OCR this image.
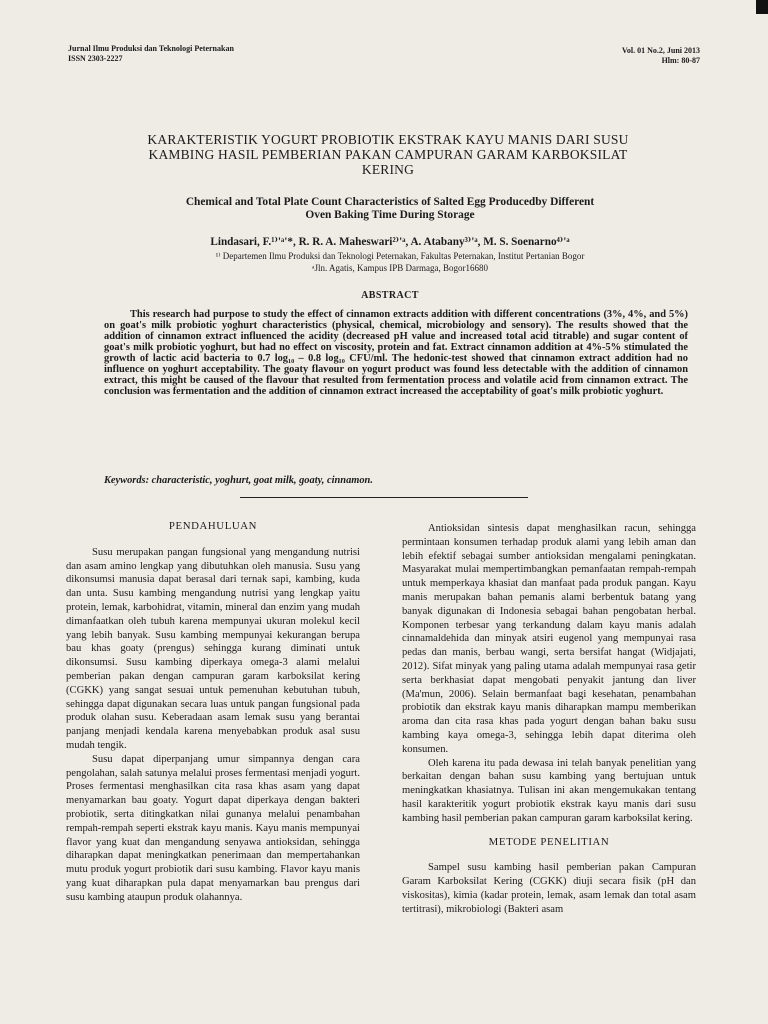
Jurnal Ilmu Produksi dan Teknologi Peternakan
ISSN 2303-2227
Vol. 01 No.2, Juni 2013
Hlm: 80-87
KARAKTERISTIK YOGURT PROBIOTIK EKSTRAK KAYU MANIS DARI SUSU
KAMBING HASIL PEMBERIAN PAKAN CAMPURAN GARAM KARBOKSILAT
KERING
Chemical and Total Plate Count Characteristics of Salted Egg Producedby Different
Oven Baking Time During Storage
Lindasari, F.¹⁾'ᵃ'*, R. R. A. Maheswari²⁾'ᵃ, A. Atabany³⁾'ᵃ, M. S. Soenarno⁴⁾'ᵃ
¹⁾ Departemen Ilmu Produksi dan Teknologi Peternakan, Fakultas Peternakan, Institut Pertanian Bogor
ᵃJln. Agatis, Kampus IPB Darmaga, Bogor16680
ABSTRACT

This research had purpose to study the effect of cinnamon extracts addition with different concentrations (3%, 4%, and 5%) on goat's milk probiotic yoghurt characteristics (physical, chemical, microbiology and sensory). The results showed that the addition of cinnamon extract influenced the acidity (decreased pH value and increased total acid titrable) and sugar content of goat's milk probiotic yoghurt, but had no effect on viscosity, protein and fat. Extract cinnamon addition at 4%-5% stimulated the growth of lactic acid bacteria to 0.7 log₁₀ – 0.8 log₁₀ CFU/ml. The hedonic-test showed that cinnamon extract addition had no influence on yoghurt acceptability. The goaty flavour on yogurt product was found less detectable with the addition of cinnamon extract, this might be caused of the flavour that resulted from fermentation process and volatile acid from cinnamon extract. The conclusion was fermentation and the addition of cinnamon extract increased the acceptability of goat's milk probiotic yoghurt.

Keywords: characteristic, yoghurt, goat milk, goaty, cinnamon.
PENDAHULUAN

Susu merupakan pangan fungsional yang mengandung nutrisi dan asam amino lengkap yang dibutuhkan oleh manusia. Susu yang dikonsumsi manusia dapat berasal dari ternak sapi, kambing, kuda dan unta. Susu kambing mengandung nutrisi yang lengkap yaitu protein, lemak, karbohidrat, vitamin, mineral dan enzim yang mudah dimanfaatkan oleh tubuh karena mempunyai ukuran molekul kecil yang lebih banyak. Susu kambing mempunyai kekurangan berupa bau khas goaty (prengus) sehingga kurang diminati untuk dikonsumsi. Susu kambing diperkaya omega-3 alami melalui pemberian pakan dengan campuran garam karboksilat kering (CGKK) yang sangat sesuai untuk pemenuhan kebutuhan tubuh, sehingga dapat digunakan secara luas untuk pangan fungsional pada produk olahan susu. Keberadaan asam lemak susu yang berantai panjang menjadi kendala karena menyebabkan produk asal susu mudah tengik.

Susu dapat diperpanjang umur simpannya dengan cara pengolahan, salah satunya melalui proses fermentasi menjadi yogurt. Proses fermentasi menghasilkan cita rasa khas asam yang dapat menyamarkan bau goaty. Yogurt dapat diperkaya dengan bakteri probiotik, serta ditingkatkan nilai gunanya melalui penambahan rempah-rempah seperti ekstrak kayu manis. Kayu manis mempunyai flavor yang kuat dan mengandung senyawa antioksidan, sehingga diharapkan dapat meningkatkan penerimaan dan mempertahankan mutu produk yogurt probiotik dari susu kambing. Flavor kayu manis yang kuat diharapkan pula dapat menyamarkan bau prengus dari susu kambing ataupun produk olahannya.

Antioksidan sintesis dapat menghasilkan racun, sehingga permintaan konsumen terhadap produk alami yang lebih aman dan lebih efektif sebagai sumber antioksidan mengalami peningkatan. Masyarakat mulai mempertimbangkan pemanfaatan rempah-rempah untuk memperkaya khasiat dan manfaat pada produk pangan. Kayu manis merupakan bahan pemanis alami berbentuk batang yang banyak digunakan di Indonesia sebagai bahan pengobatan herbal. Komponen terbesar yang terkandung dalam kayu manis adalah cinnamaldehida dan minyak atsiri eugenol yang mempunyai rasa pedas dan manis, berbau wangi, serta bersifat hangat (Widjajati, 2012). Sifat minyak yang paling utama adalah mempunyai rasa getir serta berkhasiat dapat mengobati penyakit jantung dan liver (Ma'mun, 2006). Selain bermanfaat bagi kesehatan, penambahan probiotik dan ekstrak kayu manis diharapkan mampu memberikan aroma dan cita rasa khas pada yogurt dengan bahan baku susu kambing kaya omega-3, sehingga lebih dapat diterima oleh konsumen.

Oleh karena itu pada dewasa ini telah banyak penelitian yang berkaitan dengan bahan susu kambing yang bertujuan untuk meningkatkan khasiatnya. Tulisan ini akan mengemukakan tentang hasil karakteritik yogurt probiotik ekstrak kayu manis dari susu kambing hasil pemberian pakan campuran garam karboksilat kering.

METODE PENELITIAN

Sampel susu kambing hasil pemberian pakan Campuran Garam Karboksilat Kering (CGKK) diuji secara fisik (pH dan viskositas), kimia (kadar protein, lemak, asam lemak dan total asam tertitrasi), mikrobiologi (Bakteri asam
